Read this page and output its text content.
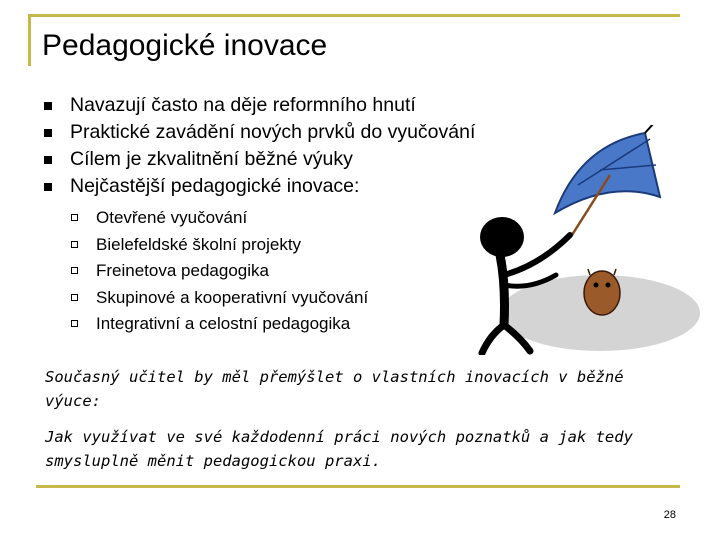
Pedagogické inovace
Navazují často na děje reformního hnutí
Praktické zavádění nových prvků do vyučování
Cílem je zkvalitnění běžné výuky
Nejčastější pedagogické inovace:
Otevřené vyučování
Bielefeldské školní projekty
Freinetova pedagogika
Skupinové a kooperativní vyučování
Integrativní a celostní pedagogika
Současný učitel by měl přemýšlet o vlastních inovacích v běžné výuce:
Jak využívat ve své každodenní práci nových poznatků a jak tedy smysluplně měnit pedagogickou praxi.
28
